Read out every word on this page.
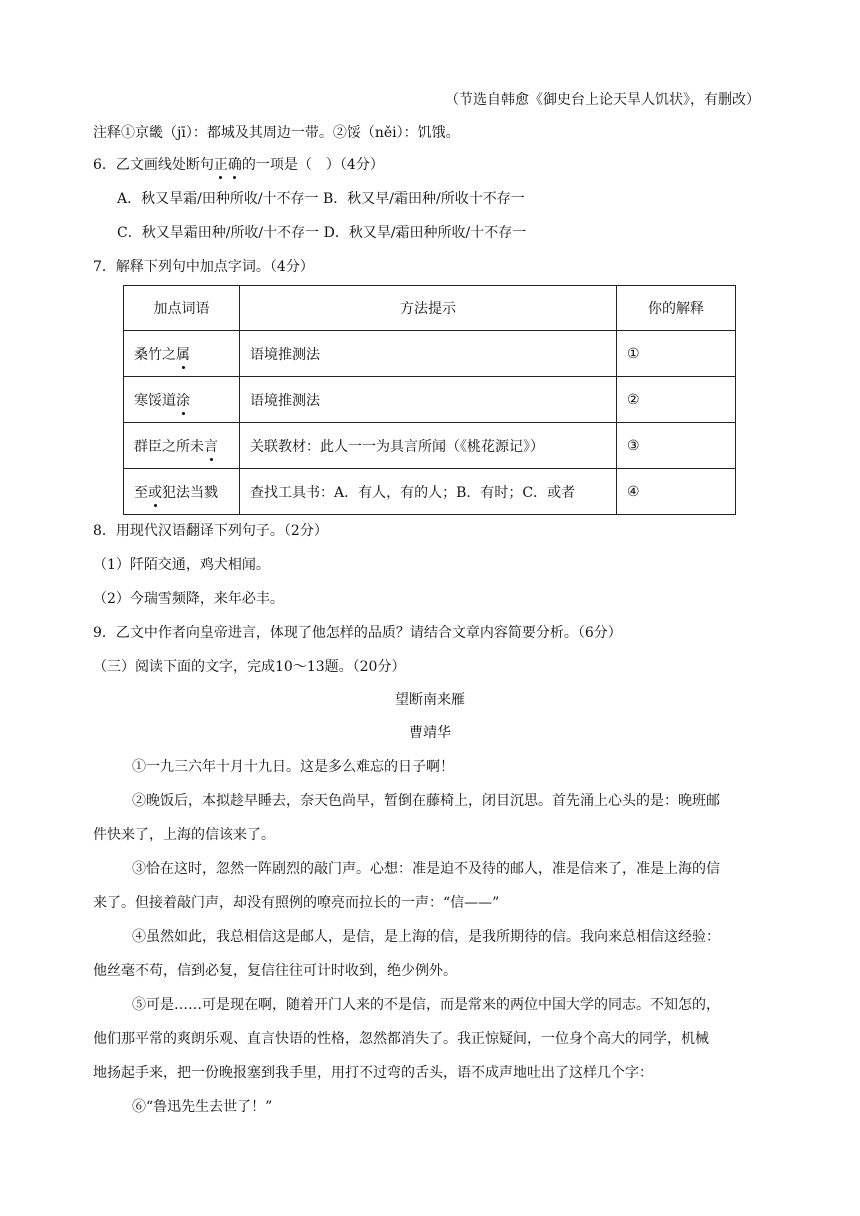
（节选自韩愈《御史台上论天旱人饥状》，有删改）
注释①京畿（jī）：都城及其周边一带。②馁（něi）：饥饿。
6．乙文画线处断句正确的一项是（　）（4分）
A．秋又旱霜/田种所收/十不存一 B．秋又早/霜田种/所收十不存一
C．秋又旱霜田种/所收/十不存一 D．秋又旱/霜田种所收/十不存一
7．解释下列句中加点字词。（4分）
加点词语	方法提示	你的解释
桑竹之属	语境推测法	①
寒馁道涂	语境推测法	②
群臣之所未言	关联教材：此人一一为具言所闻（《桃花源记》）	③
至或犯法当戮	查找工具书：A．有人，有的人；B．有时；C．或者	④
8．用现代汉语翻译下列句子。（2分）
（1）阡陌交通，鸡犬相闻。
（2）今瑞雪频降，来年必丰。
9．乙文中作者向皇帝进言，体现了他怎样的品质？请结合文章内容简要分析。（6分）
（三）阅读下面的文字，完成10～13题。（20分）
望断南来雁
曹靖华
①一九三六年十月十九日。这是多么难忘的日子啊！
②晚饭后，本拟趁早睡去，奈天色尚早，暂倒在藤椅上，闭目沉思。首先涌上心头的是：晚班邮
件快来了，上海的信该来了。
③恰在这时，忽然一阵剧烈的敲门声。心想：准是迫不及待的邮人，准是信来了，准是上海的信
来了。但接着敲门声，却没有照例的嘹亮而拉长的一声：“信——”
④虽然如此，我总相信这是邮人，是信，是上海的信，是我所期待的信。我向来总相信这经验：
他丝毫不苟，信到必复，复信往往可计时收到，绝少例外。
⑤可是……可是现在啊，随着开门人来的不是信，而是常来的两位中国大学的同志。不知怎的，
他们那平常的爽朗乐观、直言快语的性格，忽然都消失了。我正惊疑间，一位身个高大的同学，机械
地扬起手来，把一份晚报塞到我手里，用打不过弯的舌头，语不成声地吐出了这样几个字：
⑥“鲁迅先生去世了！”
